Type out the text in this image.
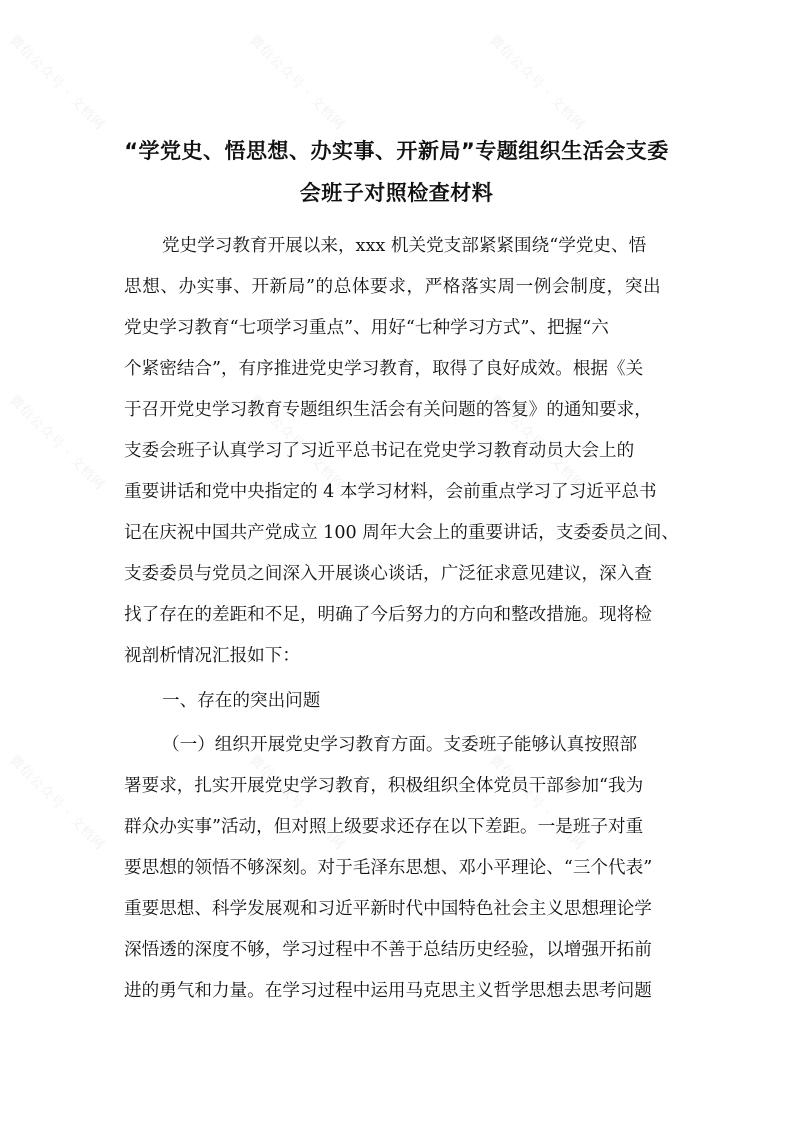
微信公众号 · 文档网	微信公众号 · 文档网	微信公众号 · 文档网
微信公众号 · 文档网	微信公众号 · 文档网	微信公众号 · 文档网
微信公众号 · 文档网	微信公众号 · 文档网	微信公众号 · 文档网
“学党史、悟思想、办实事、开新局”专题组织生活会支委
会班子对照检查材料
党史学习教育开展以来，xxx 机关党支部紧紧围绕“学党史、悟
思想、办实事、开新局”的总体要求，严格落实周一例会制度，突出
党史学习教育“七项学习重点”、用好“七种学习方式”、把握“六
个紧密结合”，有序推进党史学习教育，取得了良好成效。根据《关
于召开党史学习教育专题组织生活会有关问题的答复》的通知要求，
支委会班子认真学习了习近平总书记在党史学习教育动员大会上的
重要讲话和党中央指定的 4 本学习材料，会前重点学习了习近平总书
记在庆祝中国共产党成立 100 周年大会上的重要讲话，支委委员之间、
支委委员与党员之间深入开展谈心谈话，广泛征求意见建议，深入查
找了存在的差距和不足，明确了今后努力的方向和整改措施。现将检
视剖析情况汇报如下：
一、存在的突出问题
（一）组织开展党史学习教育方面。支委班子能够认真按照部
署要求，扎实开展党史学习教育，积极组织全体党员干部参加“我为
群众办实事”活动，但对照上级要求还存在以下差距。一是班子对重
要思想的领悟不够深刻。对于毛泽东思想、邓小平理论、“三个代表”
重要思想、科学发展观和习近平新时代中国特色社会主义思想理论学
深悟透的深度不够，学习过程中不善于总结历史经验，以增强开拓前
进的勇气和力量。在学习过程中运用马克思主义哲学思想去思考问题
